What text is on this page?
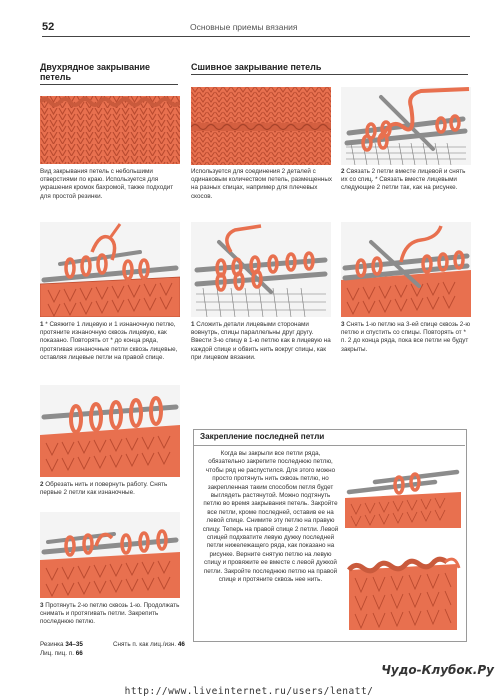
52	Основные приемы вязания
Двухрядное закрывание петель
Сшивное закрывание петель
Вид закрывания петель с небольшими отверстиями по краю. Используется для украшения кромок бахромой, также подходит для простой резинки.
Используется для соединения 2 деталей с одинаковым количеством петель, размещенных на разных спицах, например для плечевых скосов.
2 Связать 2 петли вместе лицевой и снять их со спиц. * Связать вместе лицевыми следующие 2 петли так, как на рисунке.
1 * Свяжите 1 лицевую и 1 изнаночную петлю, протяните изнаночную сквозь лицевую, как показано. Повторять от * до конца ряда, протягивая изнаночные петли сквозь лицевые, оставляя лицевые петли на правой спице.
1 Сложить детали лицевыми сторонами вовнутрь, спицы параллельны друг другу. Ввести 3-ю спицу в 1-ю петлю как в лицевую на каждой спице и обвить нить вокруг спицы, как при лицевом вязании.
3 Снять 1-ю петлю на 3-ей спице сквозь 2-ю петлю и спустить со спицы. Повторять от * п. 2 до конца ряда, пока все петли не будут закрыты.
2 Обрезать нить и повернуть работу. Снять первые 2 петли как изнаночные.
3 Протянуть 2-ю петлю сквозь 1-ю. Продолжать снимать и протягивать петли. Закрепить последнюю петлю.
Закрепление последней петли
Когда вы закрыли все петли ряда, обязательно закрепите последнюю петлю, чтобы ряд не распустился. Для этого можно просто протянуть нить сквозь петлю, но закрепленная таким способом петля будет выглядеть растянутой. Можно подтянуть петлю во время закрывания петель. Закройте все петли, кроме последней, оставив ее на левой спице. Снимите эту петлю на правую спицу. Теперь на правой спице 2 петли. Левой спицей подхватите левую дужку последней петли нижележащего ряда, как показано на рисунке. Верните снятую петлю на левую спицу и провяжите ее вместе с левой дужкой петли. Закройте последнюю петлю на правой спице и протяните сквозь нее нить.
Резинка 34–35
Лиц. пиц. п. 66
Снять п. как лиц./изн. 46
Чудо-Клубок.Ру
http://www.liveinternet.ru/users/lenatt/
